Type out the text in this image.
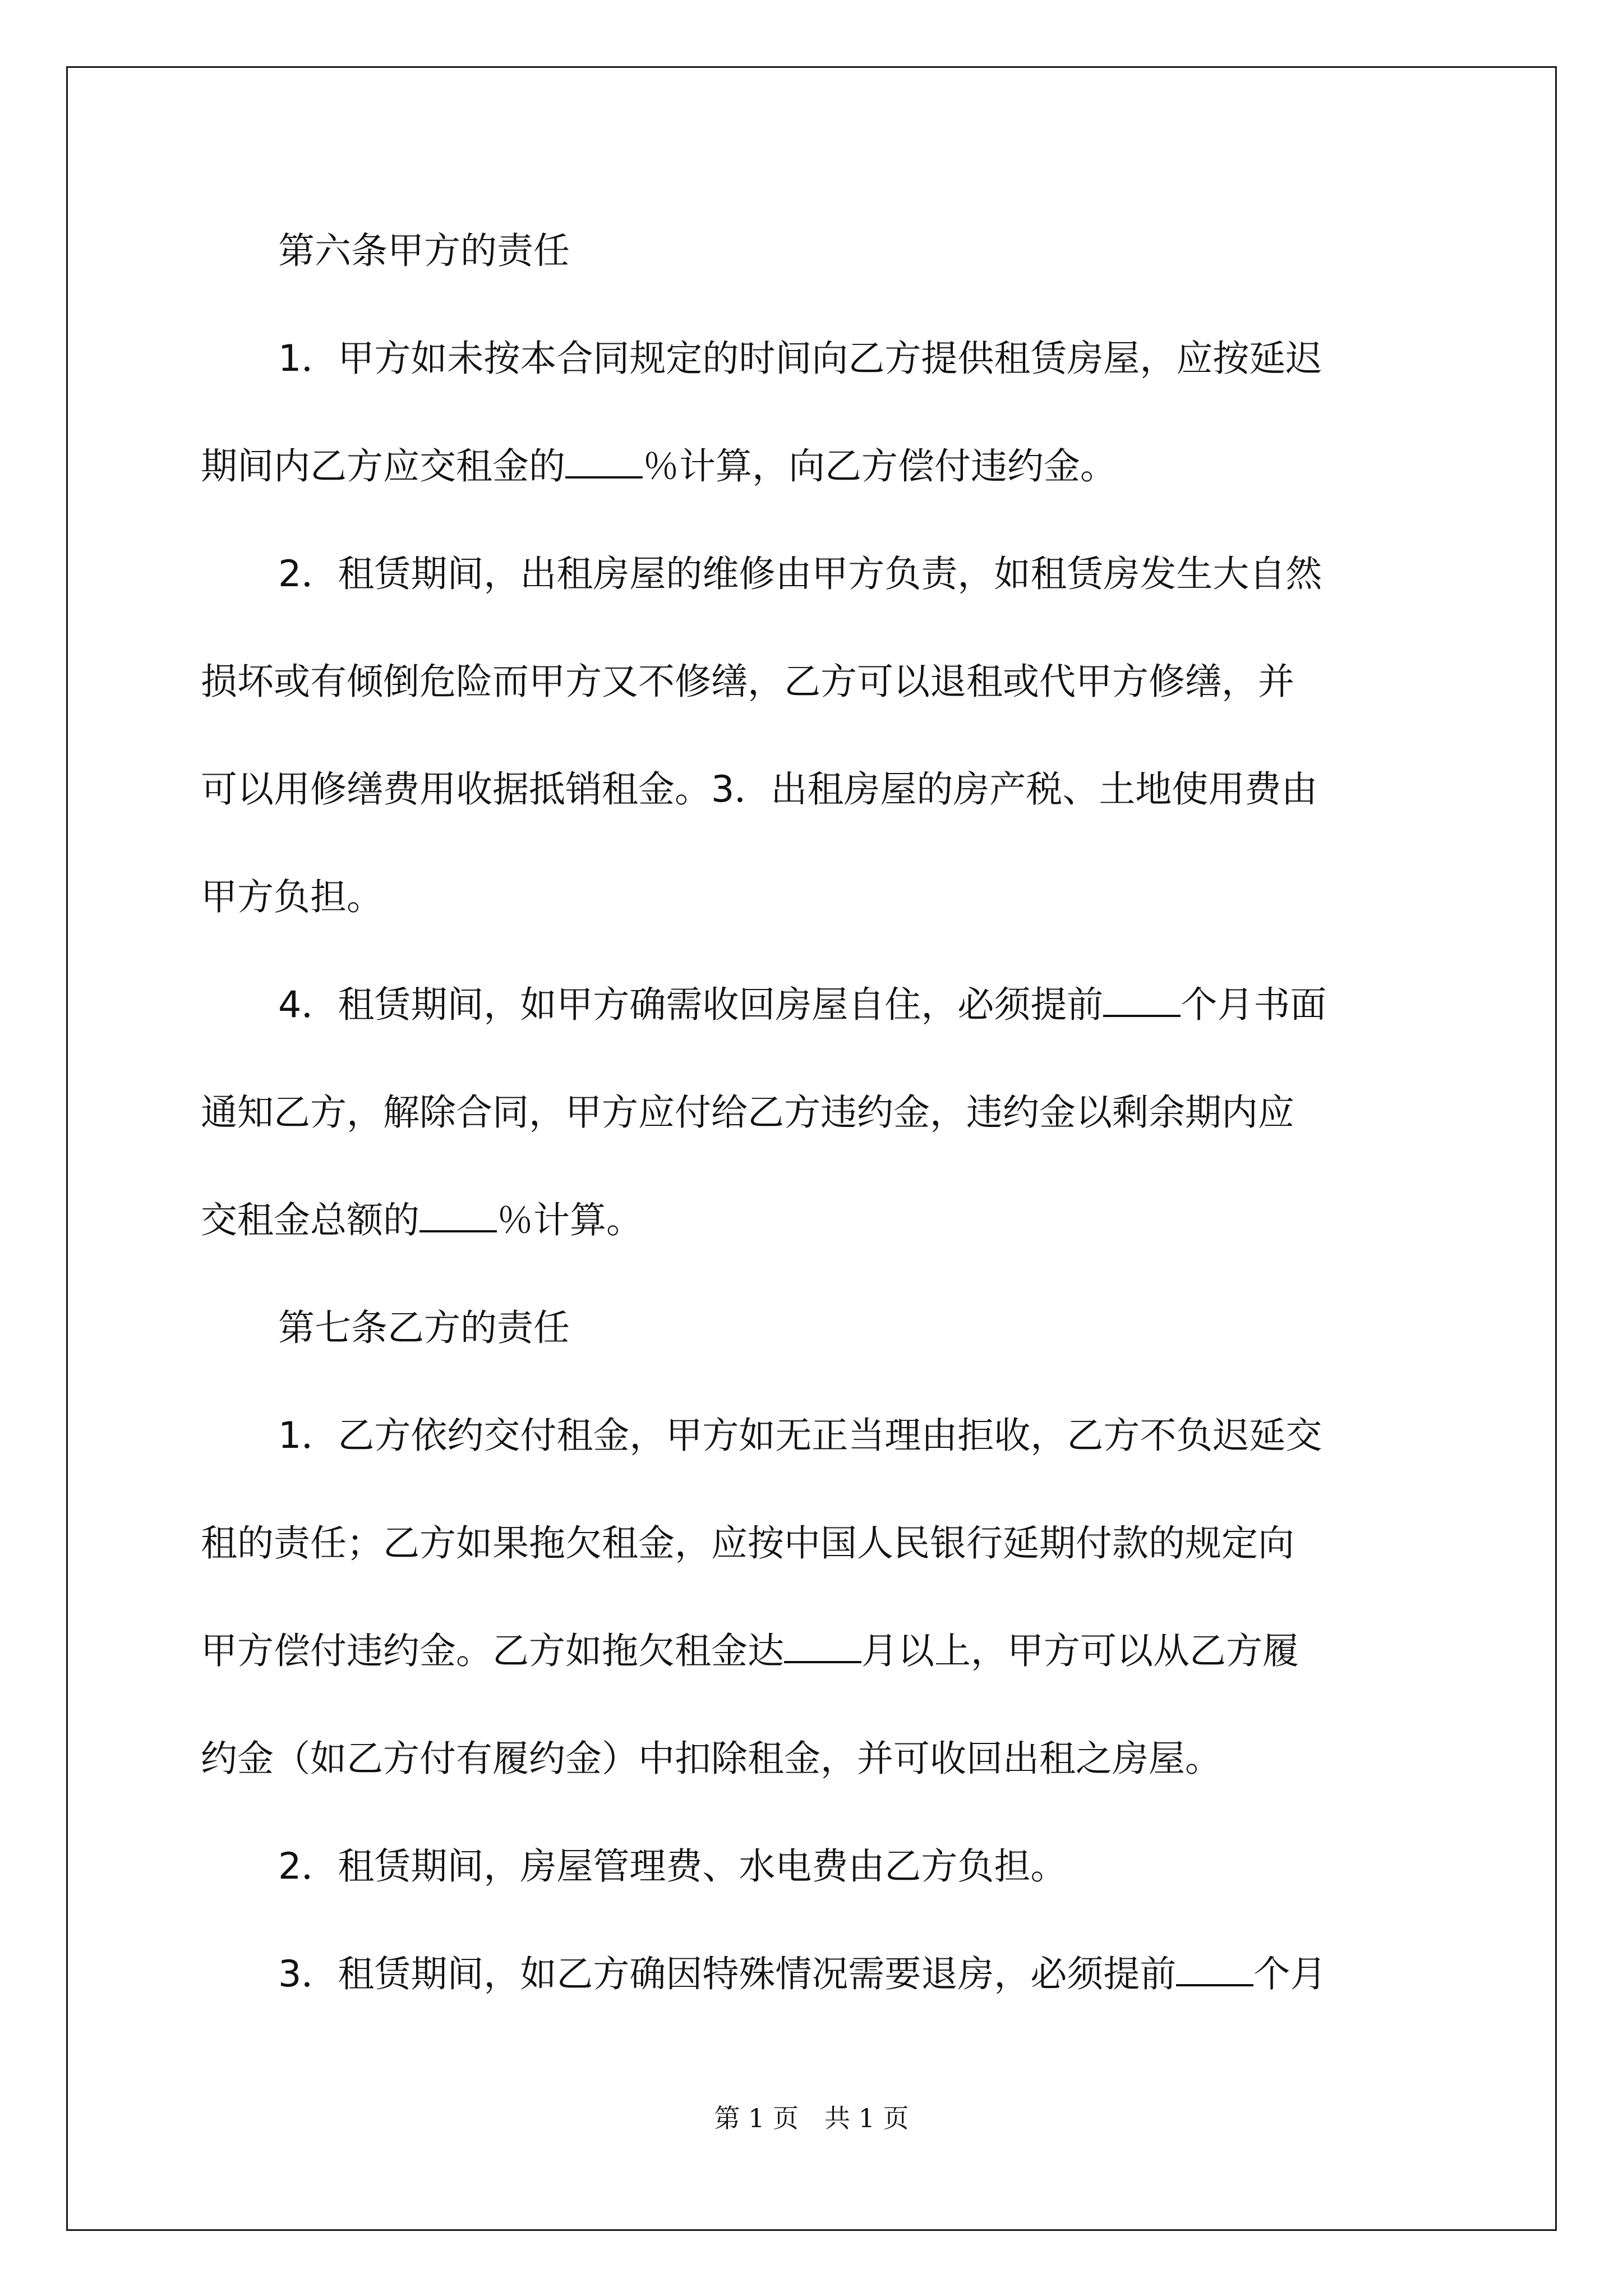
第六条甲方的责任
1．甲方如未按本合同规定的时间向乙方提供租赁房屋，应按延迟
期间内乙方应交租金的 ％计算，向乙方偿付违约金。
2．租赁期间，出租房屋的维修由甲方负责，如租赁房发生大自然
损坏或有倾倒危险而甲方又不修缮，乙方可以退租或代甲方修缮，并
可以用修缮费用收据抵销租金。3．出租房屋的房产税、土地使用费由
甲方负担。
4．租赁期间，如甲方确需收回房屋自住，必须提前 个月书面
通知乙方，解除合同，甲方应付给乙方违约金，违约金以剩余期内应
交租金总额的 ％计算。
第七条乙方的责任
1．乙方依约交付租金，甲方如无正当理由拒收，乙方不负迟延交
租的责任；乙方如果拖欠租金，应按中国人民银行延期付款的规定向
甲方偿付违约金。乙方如拖欠租金达 月以上，甲方可以从乙方履
约金（如乙方付有履约金）中扣除租金，并可收回出租之房屋。
2．租赁期间，房屋管理费、水电费由乙方负担。
3．租赁期间，如乙方确因特殊情况需要退房，必须提前 个月
第 1 页　共 1 页
